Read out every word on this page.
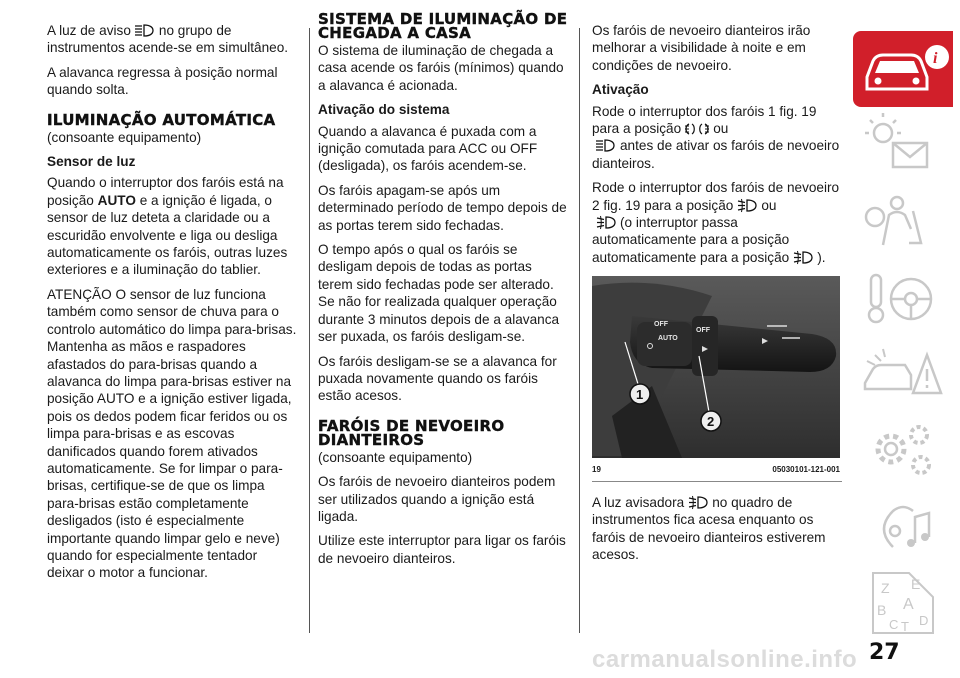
A luz de aviso no grupo de instrumentos acende-se em simultâneo.

A alavanca regressa à posição normal quando solta.

ILUMINAÇÃO AUTOMÁTICA

(consoante equipamento)

Sensor de luz

Quando o interruptor dos faróis está na posição AUTO e a ignição é ligada, o sensor de luz deteta a claridade ou a escuridão envolvente e liga ou desliga automaticamente os faróis, outras luzes exteriores e a iluminação do tablier.

ATENÇÃO O sensor de luz funciona também como sensor de chuva para o controlo automático do limpa para-brisas. Mantenha as mãos e raspadores afastados do para-brisas quando a alavanca do limpa para-brisas estiver na posição AUTO e a ignição estiver ligada, pois os dedos podem ficar feridos ou os limpa para-brisas e as escovas danificados quando forem ativados automaticamente. Se for limpar o para-brisas, certifique-se de que os limpa para-brisas estão completamente desligados (isto é especialmente importante quando limpar gelo e neve) quando for especialmente tentador deixar o motor a funcionar.

SISTEMA DE ILUMINAÇÃO DE CHEGADA A CASA

O sistema de iluminação de chegada a casa acende os faróis (mínimos) quando a alavanca é acionada.

Ativação do sistema

Quando a alavanca é puxada com a ignição comutada para ACC ou OFF (desligada), os faróis acendem-se.

Os faróis apagam-se após um determinado período de tempo depois de as portas terem sido fechadas.

O tempo após o qual os faróis se desligam depois de todas as portas terem sido fechadas pode ser alterado. Se não for realizada qualquer operação durante 3 minutos depois de a alavanca ser puxada, os faróis desligam-se.

Os faróis desligam-se se a alavanca for puxada novamente quando os faróis estão acesos.

FARÓIS DE NEVOEIRO DIANTEIROS

(consoante equipamento)

Os faróis de nevoeiro dianteiros podem ser utilizados quando a ignição está ligada.

Utilize este interruptor para ligar os faróis de nevoeiro dianteiros.

Os faróis de nevoeiro dianteiros irão melhorar a visibilidade à noite e em condições de nevoeiro.

Ativação

Rode o interruptor dos faróis 1 fig. 19 para a posição ou
antes de ativar os faróis de nevoeiro dianteiros.

Rode o interruptor dos faróis de nevoeiro 2 fig. 19 para a posição ou
(o interruptor passa automaticamente para a posição
automaticamente para a posição ).

OFF
OFF
AUTO
1
2
19	05030101-121-001

A luz avisadora no quadro de instrumentos fica acesa enquanto os faróis de nevoeiro dianteiros estiverem acesos.

i
Z E
A
B
C T D
27
carmanualsonline.info
